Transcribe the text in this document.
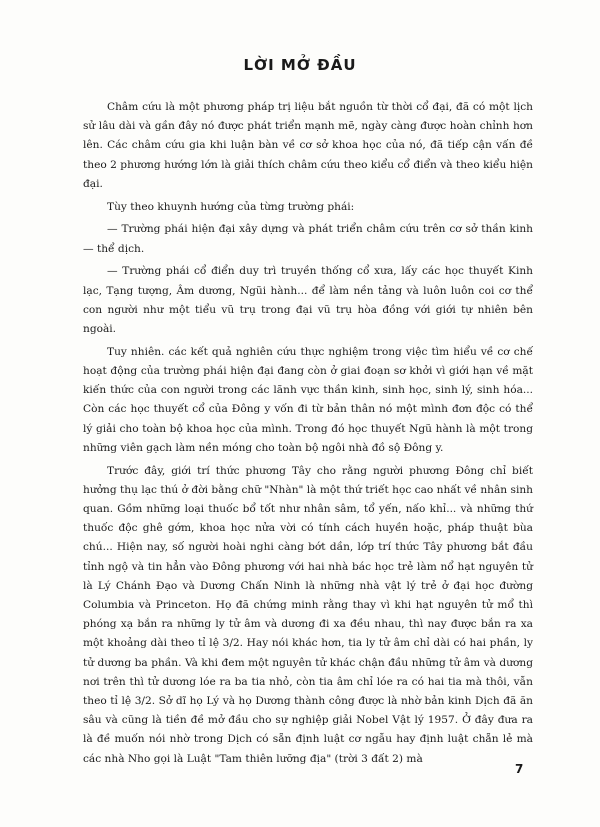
LỜI MỞ ĐẦU

Châm cứu là một phương pháp trị liệu bắt nguồn từ thời cổ đại, đã có một lịch sử lâu dài và gần đây nó được phát triển mạnh mẽ, ngày càng được hoàn chỉnh hơn lên. Các châm cứu gia khi luận bàn về cơ sở khoa học của nó, đã tiếp cận vấn đề theo 2 phương hướng lớn là giải thích châm cứu theo kiểu cổ điển và theo kiểu hiện đại.

Tùy theo khuynh hướng của từng trường phái:

— Trường phái hiện đại xây dựng và phát triển châm cứu trên cơ sở thần kinh — thể dịch.

— Trường phái cổ điển duy trì truyền thống cổ xưa, lấy các học thuyết Kinh lạc, Tạng tượng, Âm dương, Ngũi hành... để làm nền tảng và luôn luôn coi cơ thể con người như một tiểu vũ trụ trong đại vũ trụ hòa đồng với giới tự nhiên bên ngoài.

Tuy nhiên. các kết quả nghiên cứu thực nghiệm trong việc tìm hiểu về cơ chế hoạt động của trường phái hiện đại đang còn ở giai đoạn sơ khởi vì giới hạn về mặt kiến thức của con người trong các lãnh vực thần kinh, sinh học, sinh lý, sinh hóa... Còn các học thuyết cổ của Đông y vốn đi từ bản thân nó một mình đơn độc có thể lý giải cho toàn bộ khoa học của mình. Trong đó học thuyết Ngũ hành là một trong những viên gạch làm nền móng cho toàn bộ ngôi nhà đồ sộ Đông y.

Trước đây, giới trí thức phương Tây cho rằng người phương Đông chỉ biết hưởng thụ lạc thú ở đời bằng chữ "Nhàn" là một thứ triết học cao nhất về nhân sinh quan. Gồm những loại thuốc bổ tốt như nhân sâm, tổ yến, nấo khỉ... và những thứ thuốc độc ghê gớm, khoa học nửa vời có tính cách huyền hoặc, pháp thuật bùa chú... Hiện nay, số người hoài nghi càng bớt dần, lớp trí thức Tây phương bắt đầu tỉnh ngộ và tin hẳn vào Đông phương với hai nhà bác học trẻ làm nổ hạt nguyên tử là Lý Chánh Đạo và Dương Chấn Ninh là những nhà vật lý trẻ ở đại học đường Columbia và Princeton. Họ đã chứng minh rằng thay vì khi hạt nguyên tử mổ thì phóng xạ bắn ra những ly tử âm và dương đi xa đều nhau, thì nay được bắn ra xa một khoảng dài theo tỉ lệ 3/2. Hay nói khác hơn, tia ly tử âm chỉ dài có hai phần, ly tử dương ba phần. Và khi đem một nguyên tử khác chận đầu những tử âm và dương nơi trên thì tử dương lóe ra ba tia nhỏ, còn tia âm chỉ lóe ra có hai tia mà thôi, vẫn theo tỉ lệ 3/2. Sở dĩ họ Lý và họ Dương thành công được là nhờ bản kinh Dịch đã ăn sâu và cũng là tiền đề mở đầu cho sự nghiệp giải Nobel Vật lý 1957. Ở đây đưa ra là đề muốn nói nhờ trong Dịch có sẵn định luật cơ ngẫu hay định luật chẵn lẻ mà các nhà Nho gọi là Luật "Tam thiên lưỡng địa" (trời 3 đất 2) mà

7
